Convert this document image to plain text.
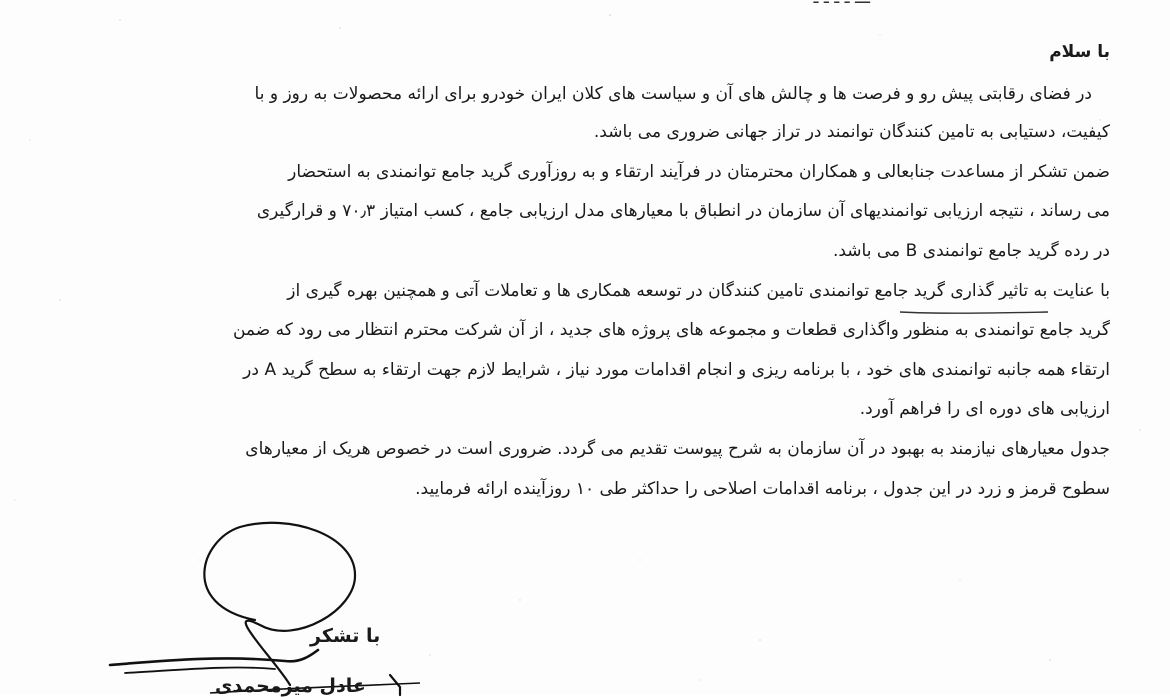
با سلام

در فضای رقابتی پیش رو و فرصت ها و چالش های آن و سیاست های کلان ایران خودرو برای ارائه محصولات به روز و با

کیفیت، دستیابی به تامین کنندگان توانمند در تراز جهانی ضروری می باشد.

ضمن تشکر از مساعدت جنابعالی و همکاران محترمتان در فرآیند ارتقاء و به روزآوری گرید جامع توانمندی به استحضار

می رساند ، نتیجه ارزیابی توانمندیهای آن سازمان در انطباق با معیارهای مدل ارزیابی جامع ، کسب امتیاز ۷۰٫۳ و قرارگیری

در رده گرید جامع توانمندی B می باشد.

با عنایت به تاثیر گذاری گرید جامع توانمندی تامین کنندگان در توسعه همکاری ها و تعاملات آتی و همچنین بهره گیری از

گرید جامع توانمندی به منظور واگذاری قطعات و مجموعه های پروژه های جدید ، از آن شرکت محترم انتظار می رود که ضمن

ارتقاء همه جانبه توانمندی های خود ، با برنامه ریزی و انجام اقدامات مورد نیاز ، شرایط لازم جهت ارتقاء به سطح گرید A در

ارزیابی های دوره ای را فراهم آورد.

جدول معیارهای نیازمند به بهبود در آن سازمان به شرح پیوست تقدیم می گردد. ضروری است در خصوص هریک از معیارهای

سطوح قرمز و زرد در این جدول ، برنامه اقدامات اصلاحی را حداکثر طی ۱۰ روزآینده ارائه فرمایید.

با تشکر
عادل میرمحمدی
